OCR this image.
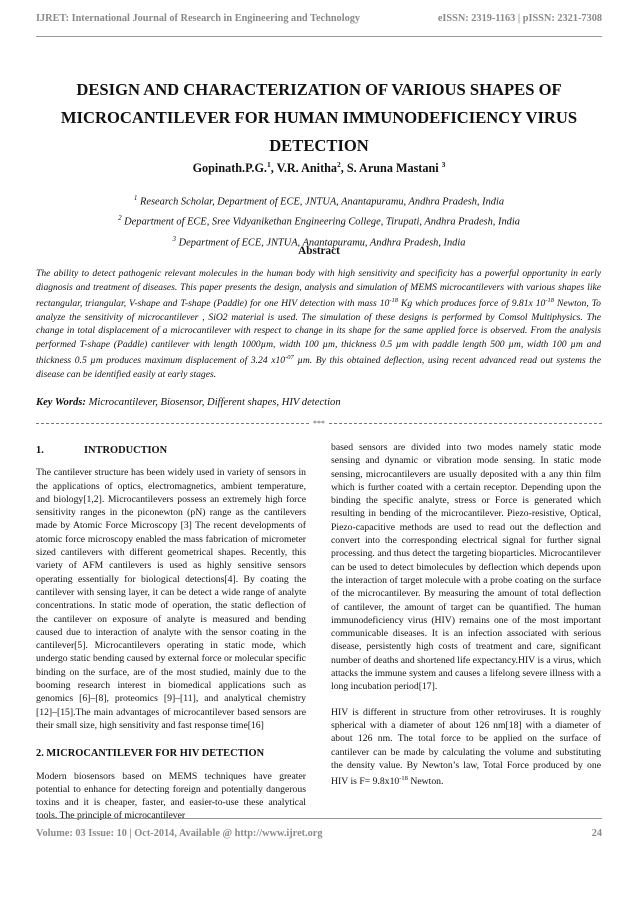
IJRET: International Journal of Research in Engineering and Technology	eISSN: 2319-1163 | pISSN: 2321-7308
DESIGN AND CHARACTERIZATION OF VARIOUS SHAPES OF
MICROCANTILEVER FOR HUMAN IMMUNODEFICIENCY VIRUS
DETECTION
Gopinath.P.G.$^1$, V.R. Anitha$^2$, S. Aruna Mastani $^3$
$^1$ Research Scholar, Department of ECE, JNTUA, Anantapuramu, Andhra Pradesh, India
$^2$ Department of ECE, Sree Vidyanikethan Engineering College, Tirupati, Andhra Pradesh, India
$^3$ Department of ECE, JNTUA, Anantapuramu, Andhra Pradesh, India
Abstract
The ability to detect pathogenic relevant molecules in the human body with high sensitivity and specificity has a powerful opportunity in early diagnosis and treatment of diseases. This paper presents the design, analysis and simulation of MEMS microcantilevers with various shapes like rectangular, triangular, V-shape and T-shape (Paddle) for one HIV detection with mass $10^{-18}$ Kg which produces force of 9.81x $10^{-18}$ Newton, To analyze the sensitivity of microcantilever , SiO2 material is used. The simulation of these designs is performed by Comsol Multiphysics. The change in total displacement of a microcantilever with respect to change in its shape for the same applied force is observed. From the analysis performed T-shape (Paddle) cantilever with length 1000µm, width 100 µm, thickness 0.5 µm with paddle length 500 µm, width 100 µm and thickness 0.5 µm produces maximum displacement of 3.24 $x10^{-07}$ µm. By this obtained deflection, using recent advanced read out systems the disease can be identified easily at early stages.
Key Words: Microcantilever, Biosensor, Different shapes, HIV detection
***
1.	INTRODUCTION

The cantilever structure has been widely used in variety of sensors in the applications of optics, electromagnetics, ambient temperature, and biology[1,2]. Microcantilevers possess an extremely high force sensitivity ranges in the piconewton (pN) range as the cantilevers made by Atomic Force Microscopy [3] The recent developments of atomic force microscopy enabled the mass fabrication of micrometer sized cantilevers with different geometrical shapes. Recently, this variety of AFM cantilevers is used as highly sensitive sensors operating essentially for biological detections[4]. By coating the cantilever with sensing layer, it can be detect a wide range of analyte concentrations. In static mode of operation, the static deflection of the cantilever on exposure of analyte is measured and bending caused due to interaction of analyte with the sensor coating in the cantilever[5]. Microcantilevers operating in static mode, which undergo static bending caused by external force or molecular specific binding on the surface, are of the most studied, mainly due to the booming research interest in biomedical applications such as genomics [6]–[8], proteomics [9]–[11], and analytical chemistry [12]–[15].The main advantages of microcantilever based sensors are their small size, high sensitivity and fast response time[16]

2. MICROCANTILEVER FOR HIV DETECTION

Modern biosensors based on MEMS techniques have greater potential to enhance for detecting foreign and potentially dangerous toxins and it is cheaper, faster, and easier-to-use these analytical tools. The principle of microcantilever

based sensors are divided into two modes namely static mode sensing and dynamic or vibration mode sensing. In static mode sensing, microcantilevers are usually deposited with a any thin film which is further coated with a certain receptor. Depending upon the binding the specific analyte, stress or Force is generated which resulting in bending of the microcantilever. Piezo-resistive, Optical, Piezo-capacitive methods are used to read out the deflection and convert into the corresponding electrical signal for further signal processing. and thus detect the targeting bioparticles. Microcantilever can be used to detect bimolecules by deflection which depends upon the interaction of target molecule with a probe coating on the surface of the microcantilever. By measuring the amount of total deflection of cantilever, the amount of target can be quantified. The human immunodeficiency virus (HIV) remains one of the most important communicable diseases. It is an infection associated with serious disease, persistently high costs of treatment and care, significant number of deaths and shortened life expectancy.HIV is a virus, which attacks the immune system and causes a lifelong severe illness with a long incubation period[17].

HIV is different in structure from other retroviruses. It is roughly spherical with a diameter of about 126 nm[18] with a diameter of about 126 nm. The total force to be applied on the surface of cantilever can be made by calculating the volume and substituting the density value. By Newton’s law, Total Force produced by one HIV is $F= 9.8x10^{-18}$ Newton.

Volume: 03 Issue: 10 | Oct-2014, Available @ http://www.ijret.org	24
